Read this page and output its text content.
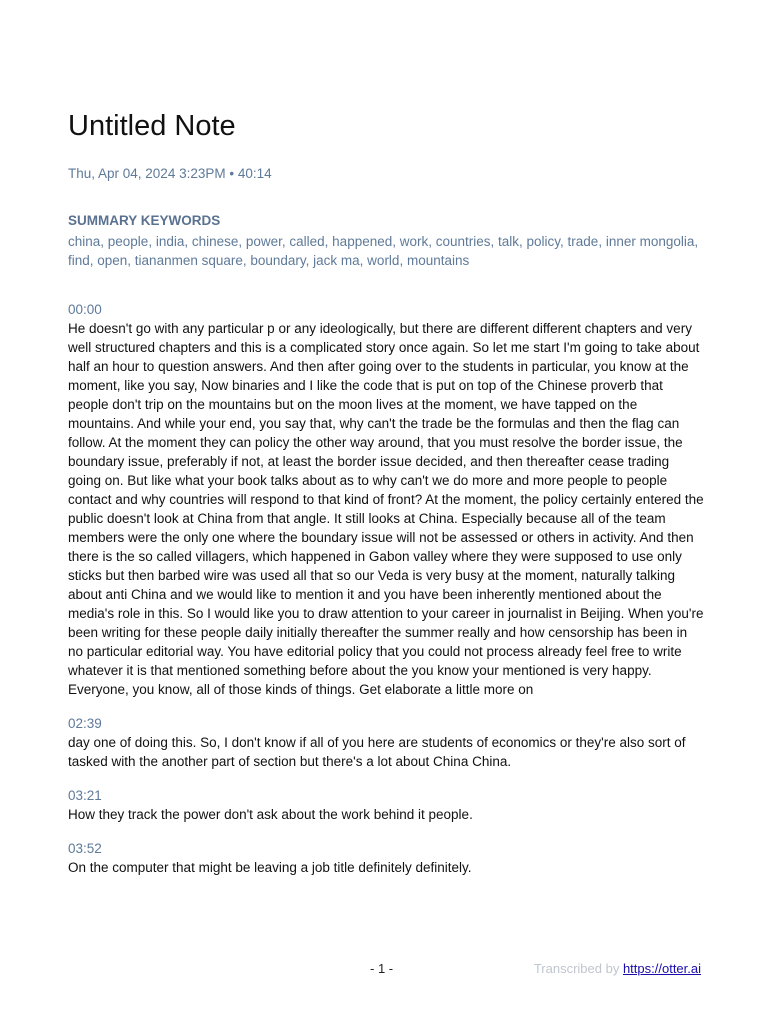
Untitled Note
Thu, Apr 04, 2024 3:23PM • 40:14
SUMMARY KEYWORDS
china, people, india, chinese, power, called, happened, work, countries, talk, policy, trade, inner mongolia, find, open, tiananmen square, boundary, jack ma, world, mountains
00:00

He doesn't go with any particular p or any ideologically, but there are different different chapters and very well structured chapters and this is a complicated story once again. So let me start I'm going to take about half an hour to question answers. And then after going over to the students in particular, you know at the moment, like you say, Now binaries and I like the code that is put on top of the Chinese proverb that people don't trip on the mountains but on the moon lives at the moment, we have tapped on the mountains. And while your end, you say that, why can't the trade be the formulas and then the flag can follow. At the moment they can policy the other way around, that you must resolve the border issue, the boundary issue, preferably if not, at least the border issue decided, and then thereafter cease trading going on. But like what your book talks about as to why can't we do more and more people to people contact and why countries will respond to that kind of front? At the moment, the policy certainly entered the public doesn't look at China from that angle. It still looks at China. Especially because all of the team members were the only one where the boundary issue will not be assessed or others in activity. And then there is the so called villagers, which happened in Gabon valley where they were supposed to use only sticks but then barbed wire was used all that so our Veda is very busy at the moment, naturally talking about anti China and we would like to mention it and you have been inherently mentioned about the media's role in this. So I would like you to draw attention to your career in journalist in Beijing. When you're been writing for these people daily initially thereafter the summer really and how censorship has been in no particular editorial way. You have editorial policy that you could not process already feel free to write whatever it is that mentioned something before about the you know your mentioned is very happy. Everyone, you know, all of those kinds of things. Get elaborate a little more on

02:39

day one of doing this. So, I don't know if all of you here are students of economics or they're also sort of tasked with the another part of section but there's a lot about China China.

03:21

How they track the power don't ask about the work behind it people.

03:52

On the computer that might be leaving a job title definitely definitely.

- 1 -	Transcribed by https://otter.ai
